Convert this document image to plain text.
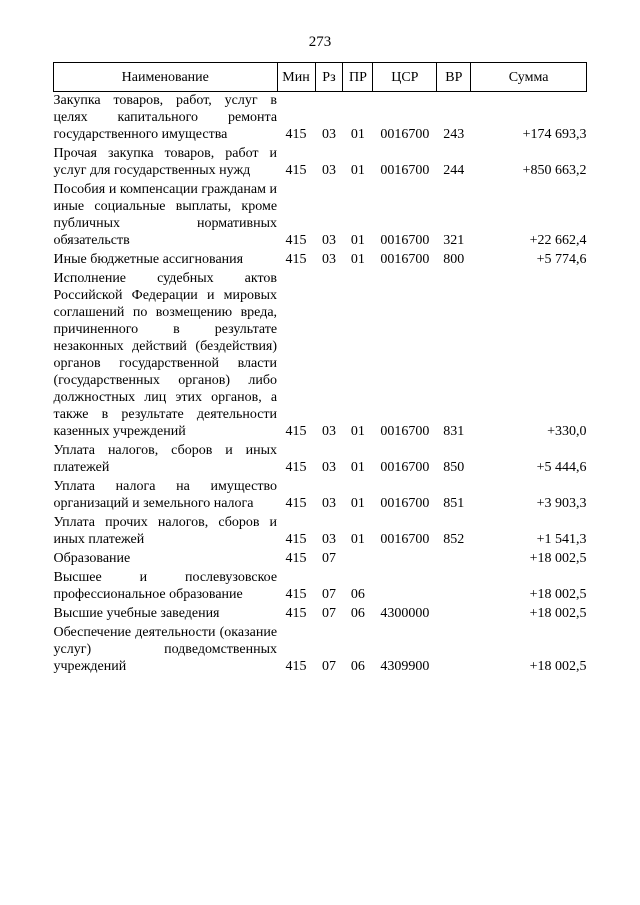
273
Наименование	Мин	Рз	ПР	ЦСР	ВР	Сумма
Закупка товаров, работ, услуг в целях капитального ремонта государственного имущества	415	03	01	0016700	243	+174 693,3
Прочая закупка товаров, работ и услуг для государственных нужд	415	03	01	0016700	244	+850 663,2
Пособия и компенсации гражданам и иные социальные выплаты, кроме публичных нормативных обязательств	415	03	01	0016700	321	+22 662,4
Иные бюджетные ассигнования	415	03	01	0016700	800	+5 774,6
Исполнение судебных актов Российской Федерации и мировых соглашений по возмещению вреда, причиненного в результате незаконных действий (бездействия) органов государственной власти (государственных органов) либо должностных лиц этих органов, а также в результате деятельности казенных учреждений	415	03	01	0016700	831	+330,0
Уплата налогов, сборов и иных платежей	415	03	01	0016700	850	+5 444,6
Уплата налога на имущество организаций и земельного налога	415	03	01	0016700	851	+3 903,3
Уплата прочих налогов, сборов и иных платежей	415	03	01	0016700	852	+1 541,3
Образование	415	07				+18 002,5
Высшее и послевузовское профессиональное образование	415	07	06			+18 002,5
Высшие учебные заведения	415	07	06	4300000		+18 002,5
Обеспечение деятельности (оказание услуг) подведомственных учреждений	415	07	06	4309900		+18 002,5
